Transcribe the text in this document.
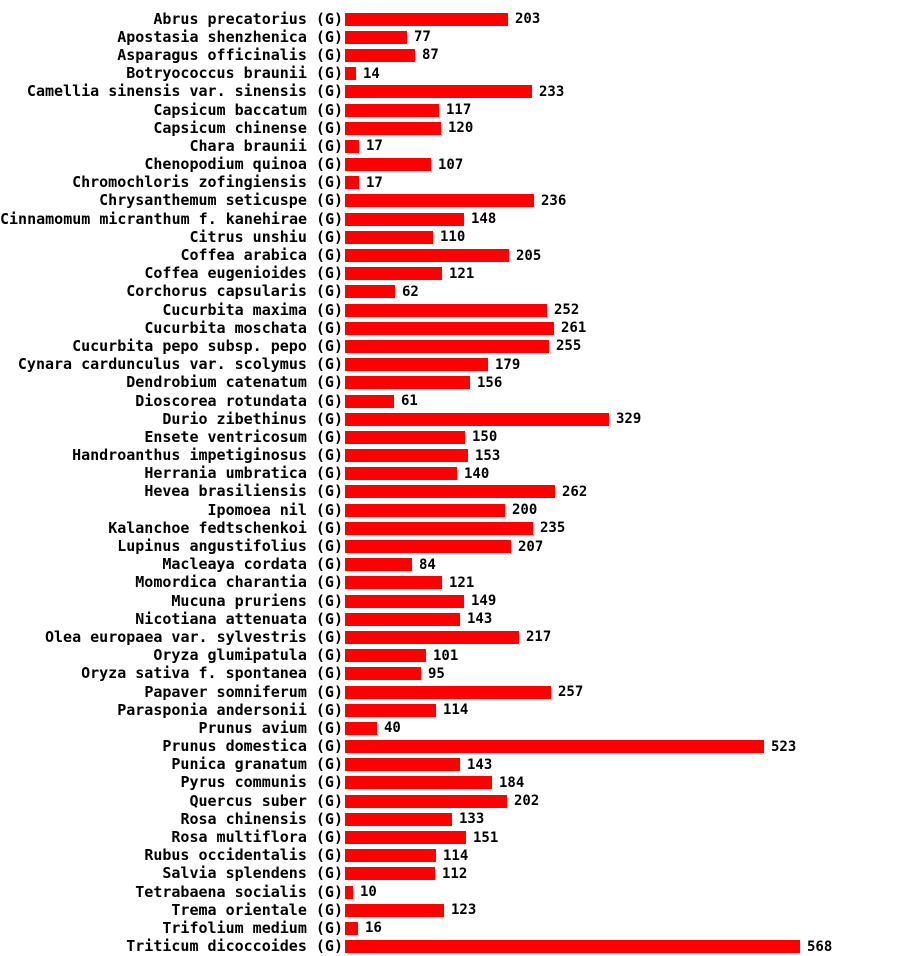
Abrus precatorius (G)	203
Apostasia shenzhenica (G)	77
Asparagus officinalis (G)	87
Botryococcus braunii (G) 14
Camellia sinensis var. sinensis (G)	233
Capsicum baccatum (G)	117
Capsicum chinense (G)	120
Chara braunii (G) 17
Chenopodium quinoa (G)	107
Chromochloris zofingiensis (G) 17
Chrysanthemum seticuspe (G)	236
Cinnamomum micranthum f. kanehirae (G)	148
Citrus unshiu (G)	110
Coffea arabica (G)	205
Coffea eugenioides (G)	121
Corchorus capsularis (G)	62
Cucurbita maxima (G)	252
Cucurbita moschata (G)	261
Cucurbita pepo subsp. pepo (G)	255
Cynara cardunculus var. scolymus (G)	179
Dendrobium catenatum (G)	156
Dioscorea rotundata (G)	61
Durio zibethinus (G)	329
Ensete ventricosum (G)	150
Handroanthus impetiginosus (G)	153
Herrania umbratica (G)	140
Hevea brasiliensis (G)	262
Ipomoea nil (G)	200
Kalanchoe fedtschenkoi (G)	235
Lupinus angustifolius (G)	207
Macleaya cordata (G)	84
Momordica charantia (G)	121
Mucuna pruriens (G)	149
Nicotiana attenuata (G)	143
Olea europaea var. sylvestris (G)	217
Oryza glumipatula (G)	101
Oryza sativa f. spontanea (G)	95
Papaver somniferum (G)	257
Parasponia andersonii (G)	114
Prunus avium (G)	40
Prunus domestica (G)	523
Punica granatum (G)	143
Pyrus communis (G)	184
Quercus suber (G)	202
Rosa chinensis (G)	133
Rosa multiflora (G)	151
Rubus occidentalis (G)	114
Salvia splendens (G)	112
Tetrabaena socialis (G) 10
Trema orientale (G)	123
Trifolium medium (G) 16
Triticum dicoccoides (G)	568
